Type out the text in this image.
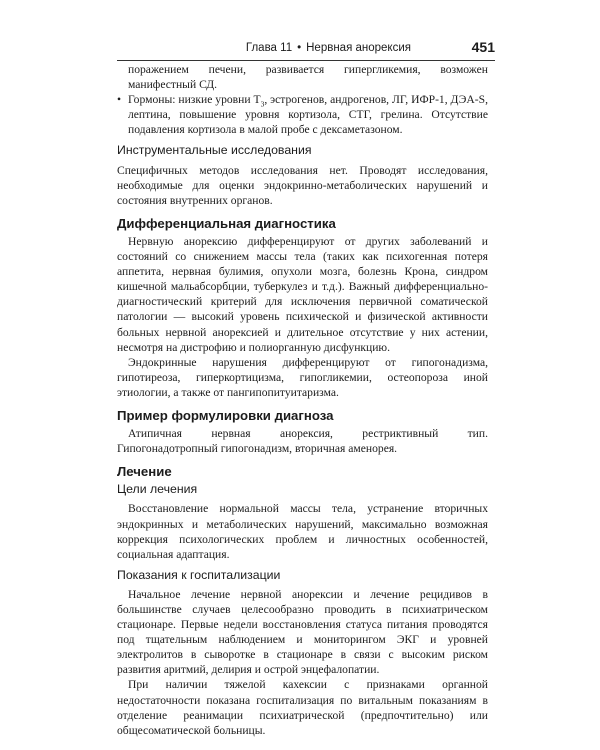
Глава 11 • Нервная анорексия	451

поражением печени, развивается гипергликемия, возможен манифестный СД.

• Гормоны: низкие уровни $Т_3$, эстрогенов, андрогенов, ЛГ, ИФР-1, ДЭА-S, лептина, повышение уровня кортизола, СТГ, грелина. Отсутствие подавления кортизола в малой пробе с дексаметазоном.

Инструментальные исследования

Специфичных методов исследования нет. Проводят исследования, необходимые для оценки эндокринно-метаболических нарушений и состояния внутренних органов.

Дифференциальная диагностика

Нервную анорексию дифференцируют от других заболеваний и состояний со снижением массы тела (таких как психогенная потеря аппетита, нервная булимия, опухоли мозга, болезнь Крона, синдром кишечной мальабсорбции, туберкулез и т.д.). Важный дифференциально-диагностический критерий для исключения первичной соматической патологии — высокий уровень психической и физической активности больных нервной анорексией и длительное отсутствие у них астении, несмотря на дистрофию и полиорганную дисфункцию.

Эндокринные нарушения дифференцируют от гипогонадизма, гипотиреоза, гиперкортицизма, гипогликемии, остеопороза иной этиологии, а также от пангипопитуитаризма.

Пример формулировки диагноза

Атипичная нервная анорексия, рестриктивный тип.

Гипогонадотропный гипогонадизм, вторичная аменорея.

Лечение
Цели лечения

Восстановление нормальной массы тела, устранение вторичных эндокринных и метаболических нарушений, максимально возможная коррекция психологических проблем и личностных особенностей, социальная адаптация.

Показания к госпитализации

Начальное лечение нервной анорексии и лечение рецидивов в большинстве случаев целесообразно проводить в психиатрическом стационаре. Первые недели восстановления статуса питания проводятся под тщательным наблюдением и мониторингом ЭКГ и уровней электролитов в сыворотке в стационаре в связи с высоким риском развития аритмий, делирия и острой энцефалопатии.

При наличии тяжелой кахексии с признаками органной недостаточности показана госпитализация по витальным показаниям в отделение реанимации психиатрической (предпочтительно) или общесоматической больницы.
